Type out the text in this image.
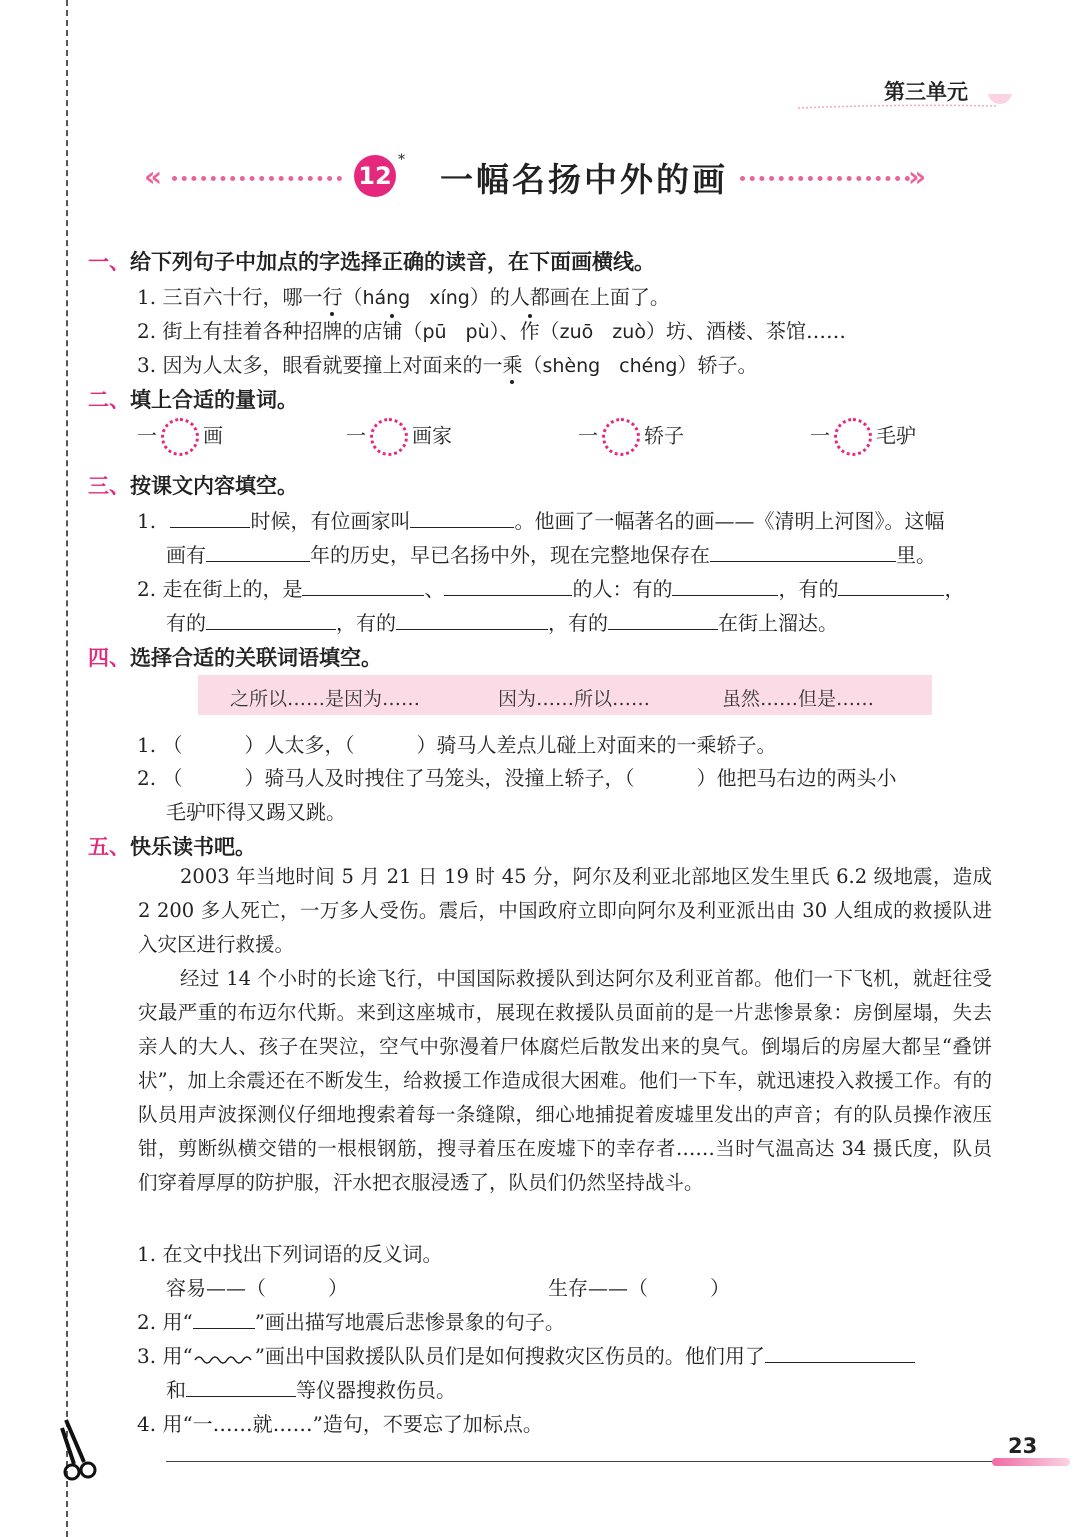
第三单元
«	12
* 一幅名扬中外的画	»
一、给下列句子中加点的字选择正确的读音，在下面画横线。
1. 三百六十行，哪一行（háng　xíng）的人都画在上面了。
2. 街上有挂着各种招牌的店铺（pū　pù）、作（zuō　zuò）坊、酒楼、茶馆……
3. 因为人太多，眼看就要撞上对面来的一乘（shèng　chéng）轿子。
二、填上合适的量词。
一 画	一 画家	一 轿子	一 毛驴
三、按课文内容填空。
1.	时候，有位画家叫	。他画了一幅著名的画——《清明上河图》。这幅
画有	年的历史，早已名扬中外，现在完整地保存在	里。
2. 走在街上的，是	、	的人：有的	，有的	，
有的	，有的	，有的	在街上溜达。
四、选择合适的关联词语填空。
之所以……是因为……	因为……所以……	虽然……但是……
1. （	）人太多，（	）骑马人差点儿碰上对面来的一乘轿子。
2. （	）骑马人及时拽住了马笼头，没撞上轿子，（	）他把马右边的两头小
毛驴吓得又踢又跳。
五、快乐读书吧。

2003 年当地时间 5 月 21 日 19 时 45 分，阿尔及利亚北部地区发生里氏 6.2 级地震，造成 2 200 多人死亡，一万多人受伤。震后，中国政府立即向阿尔及利亚派出由 30 人组成的救援队进入灾区进行救援。

经过 14 个小时的长途飞行，中国国际救援队到达阿尔及利亚首都。他们一下飞机，就赶往受灾最严重的布迈尔代斯。来到这座城市，展现在救援队员面前的是一片悲惨景象：房倒屋塌，失去亲人的大人、孩子在哭泣，空气中弥漫着尸体腐烂后散发出来的臭气。倒塌后的房屋大都呈“叠饼状”，加上余震还在不断发生，给救援工作造成很大困难。他们一下车，就迅速投入救援工作。有的队员用声波探测仪仔细地搜索着每一条缝隙，细心地捕捉着废墟里发出的声音；有的队员操作液压钳，剪断纵横交错的一根根钢筋，搜寻着压在废墟下的幸存者……当时气温高达 34 摄氏度，队员们穿着厚厚的防护服，汗水把衣服浸透了，队员们仍然坚持战斗。

1. 在文中找出下列词语的反义词。
容易——（	）	生存——（	）
2. 用“	”画出描写地震后悲惨景象的句子。
3. 用“	”画出中国救援队队员们是如何搜救灾区伤员的。他们用了
和	等仪器搜救伤员。
4. 用“一……就……”造句，不要忘了加标点。
23
